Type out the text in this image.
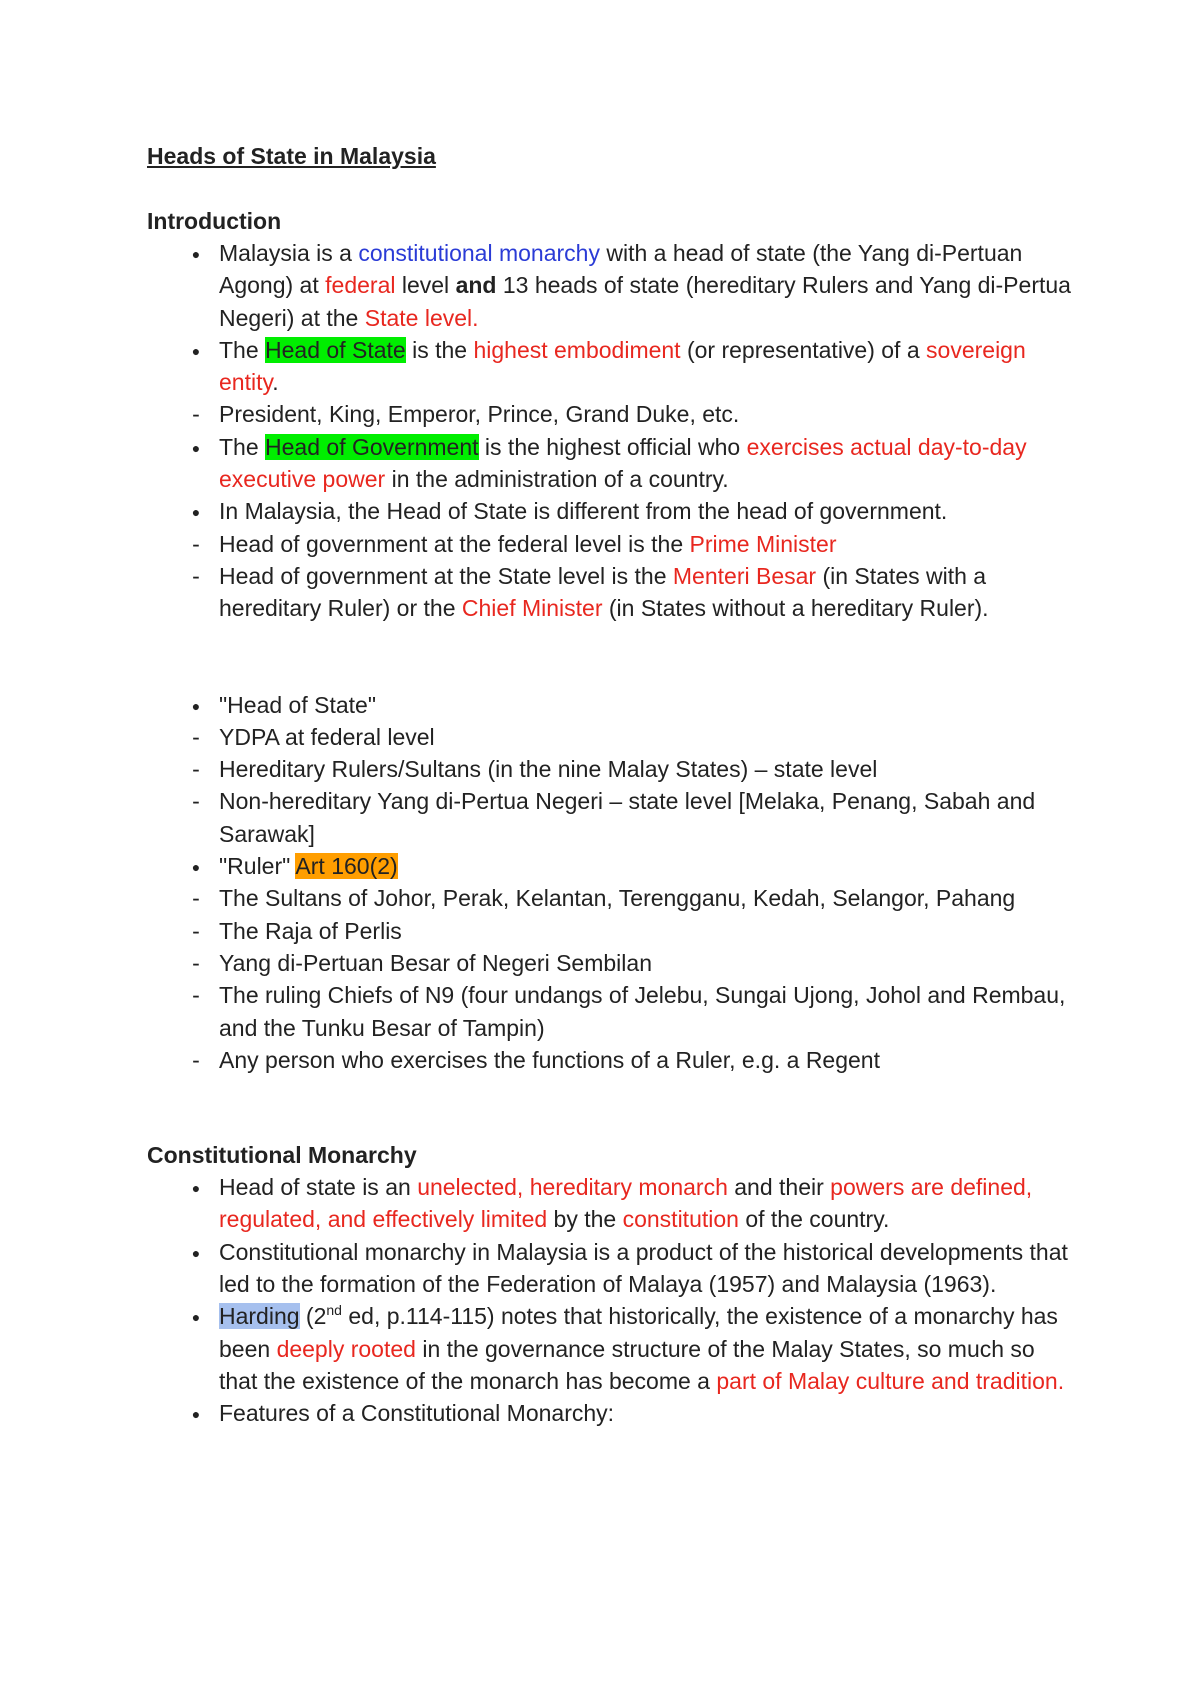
Heads of State in Malaysia
Introduction
●
Malaysia is a constitutional monarchy with a head of state (the Yang di-Pertuan Agong) at federal level and 13 heads of state (hereditary Rulers and Yang di-Pertua Negeri) at the State level.
●
The Head of State is the highest embodiment (or representative) of a sovereign entity.
-
President, King, Emperor, Prince, Grand Duke, etc.
●
The Head of Government is the highest official who exercises actual day-to-day executive power in the administration of a country.
●
In Malaysia, the Head of State is different from the head of government.
-
Head of government at the federal level is the Prime Minister
-
Head of government at the State level is the Menteri Besar (in States with a hereditary Ruler) or the Chief Minister (in States without a hereditary Ruler).
●
"Head of State"
-
YDPA at federal level
-
Hereditary Rulers/Sultans (in the nine Malay States) – state level
-
Non-hereditary Yang di-Pertua Negeri – state level [Melaka, Penang, Sabah and Sarawak]
●
"Ruler" Art 160(2)
-
The Sultans of Johor, Perak, Kelantan, Terengganu, Kedah, Selangor, Pahang
-
The Raja of Perlis
-
Yang di-Pertuan Besar of Negeri Sembilan
-
The ruling Chiefs of N9 (four undangs of Jelebu, Sungai Ujong, Johol and Rembau, and the Tunku Besar of Tampin)
-
Any person who exercises the functions of a Ruler, e.g. a Regent
Constitutional Monarchy
●
Head of state is an unelected, hereditary monarch and their powers are defined, regulated, and effectively limited by the constitution of the country.
●
Constitutional monarchy in Malaysia is a product of the historical developments that led to the formation of the Federation of Malaya (1957) and Malaysia (1963).
●
Harding (2nd ed, p.114-115) notes that historically, the existence of a monarchy has been deeply rooted in the governance structure of the Malay States, so much so that the existence of the monarch has become a part of Malay culture and tradition.
●
Features of a Constitutional Monarchy:
